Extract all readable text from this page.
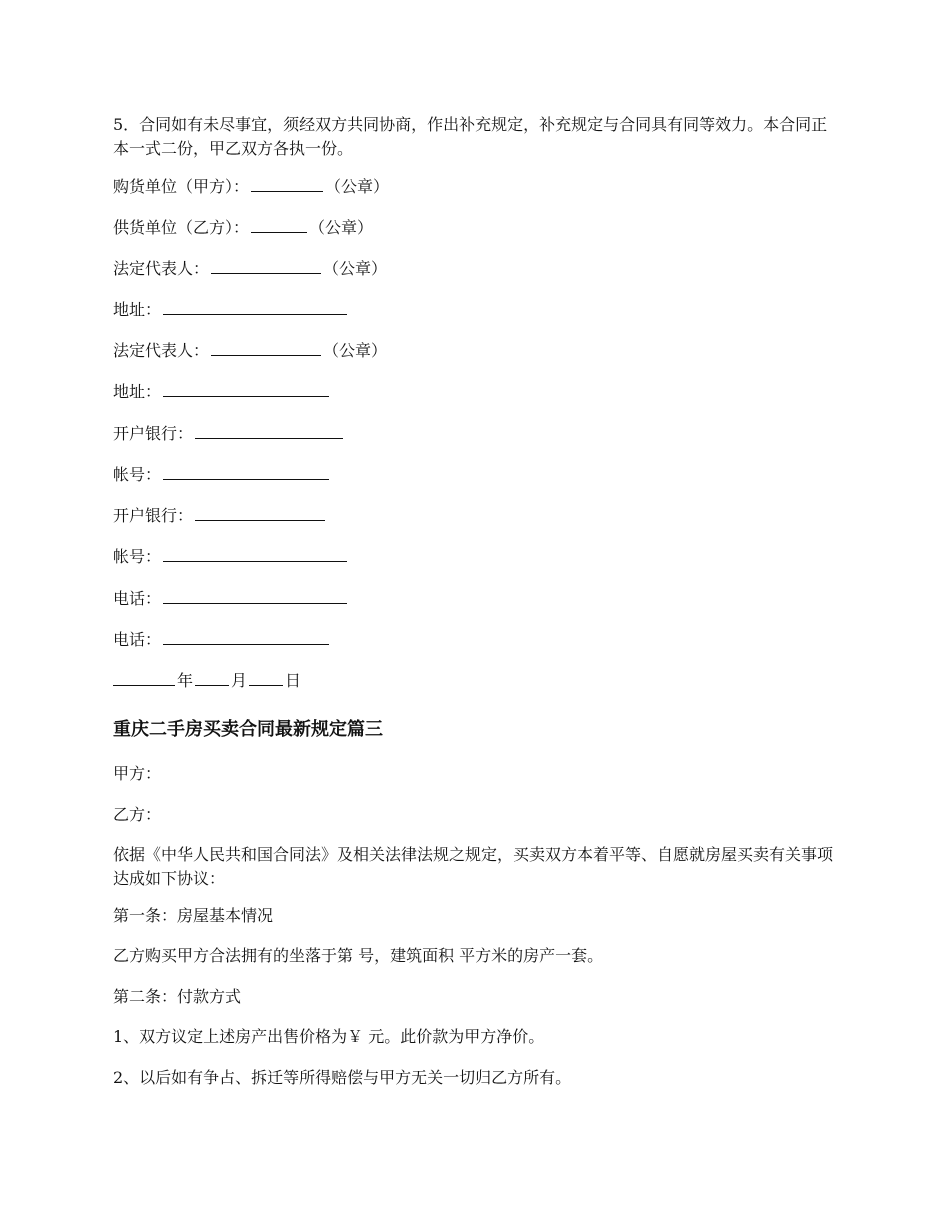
5．合同如有未尽事宜，须经双方共同协商，作出补充规定，补充规定与合同具有同等效力。本合同正本一式二份，甲乙双方各执一份。
购货单位（甲方）：	（公章）
供货单位（乙方）：	（公章）
法定代表人：	（公章）
地址：
法定代表人：	（公章）
地址：
开户银行：
帐号：
开户银行：
帐号：
电话：
电话：
年 月 日
重庆二手房买卖合同最新规定篇三
甲方：
乙方：
依据《中华人民共和国合同法》及相关法律法规之规定，买卖双方本着平等、自愿就房屋买卖有关事项达成如下协议：
第一条：房屋基本情况
乙方购买甲方合法拥有的坐落于第 号，建筑面积 平方米的房产一套。
第二条：付款方式
1、双方议定上述房产出售价格为￥ 元。此价款为甲方净价。
2、以后如有争占、拆迁等所得赔偿与甲方无关一切归乙方所有。
